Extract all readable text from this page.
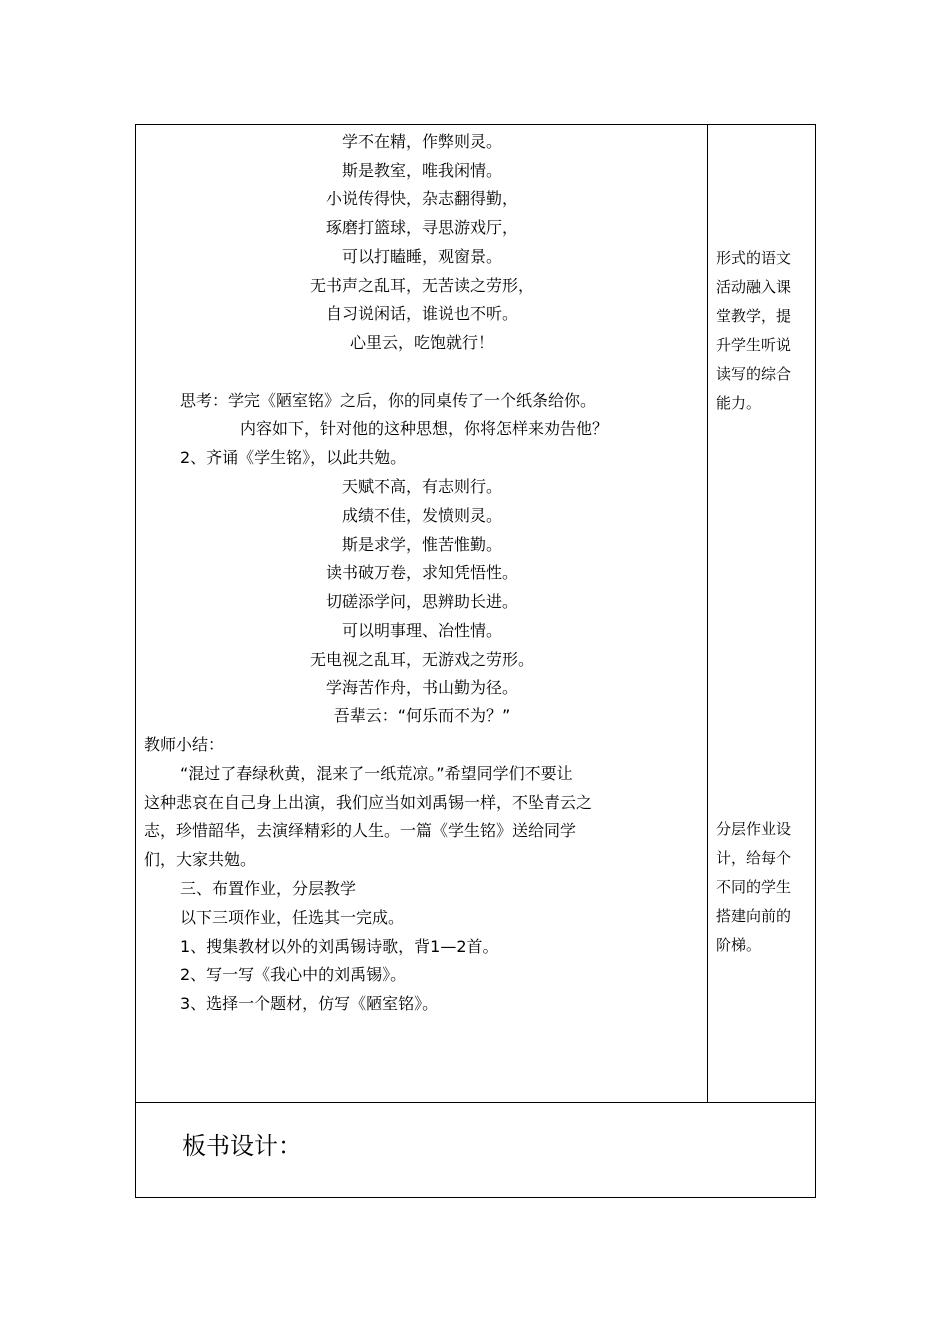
学不在精，作弊则灵。
斯是教室，唯我闲情。
小说传得快，杂志翻得勤，
琢磨打篮球，寻思游戏厅，
可以打瞌睡，观窗景。
无书声之乱耳，无苦读之劳形，
自习说闲话，谁说也不听。
心里云，吃饱就行！
思考：学完《陋室铭》之后，你的同桌传了一个纸条给你。
内容如下，针对他的这种思想，你将怎样来劝告他？
2、齐诵《学生铭》，以此共勉。
天赋不高，有志则行。
成绩不佳，发愤则灵。
斯是求学，惟苦惟勤。
读书破万卷，求知凭悟性。
切磋添学问，思辨助长进。
可以明事理、冶性情。
无电视之乱耳，无游戏之劳形。
学海苦作舟，书山勤为径。
吾辈云：“何乐而不为？”
教师小结：
“混过了春绿秋黄，混来了一纸荒凉。”希望同学们不要让
这种悲哀在自己身上出演，我们应当如刘禹锡一样，不坠青云之
志，珍惜韶华，去演绎精彩的人生。一篇《学生铭》送给同学
们，大家共勉。
三、布置作业，分层教学
以下三项作业，任选其一完成。
1、搜集教材以外的刘禹锡诗歌，背1—2首。
2、写一写《我心中的刘禹锡》。
3、选择一个题材，仿写《陋室铭》。
形式的语文
活动融入课
堂教学，提
升学生听说
读写的综合
能力。
分层作业设
计，给每个
不同的学生
搭建向前的
阶梯。
板书设计：
